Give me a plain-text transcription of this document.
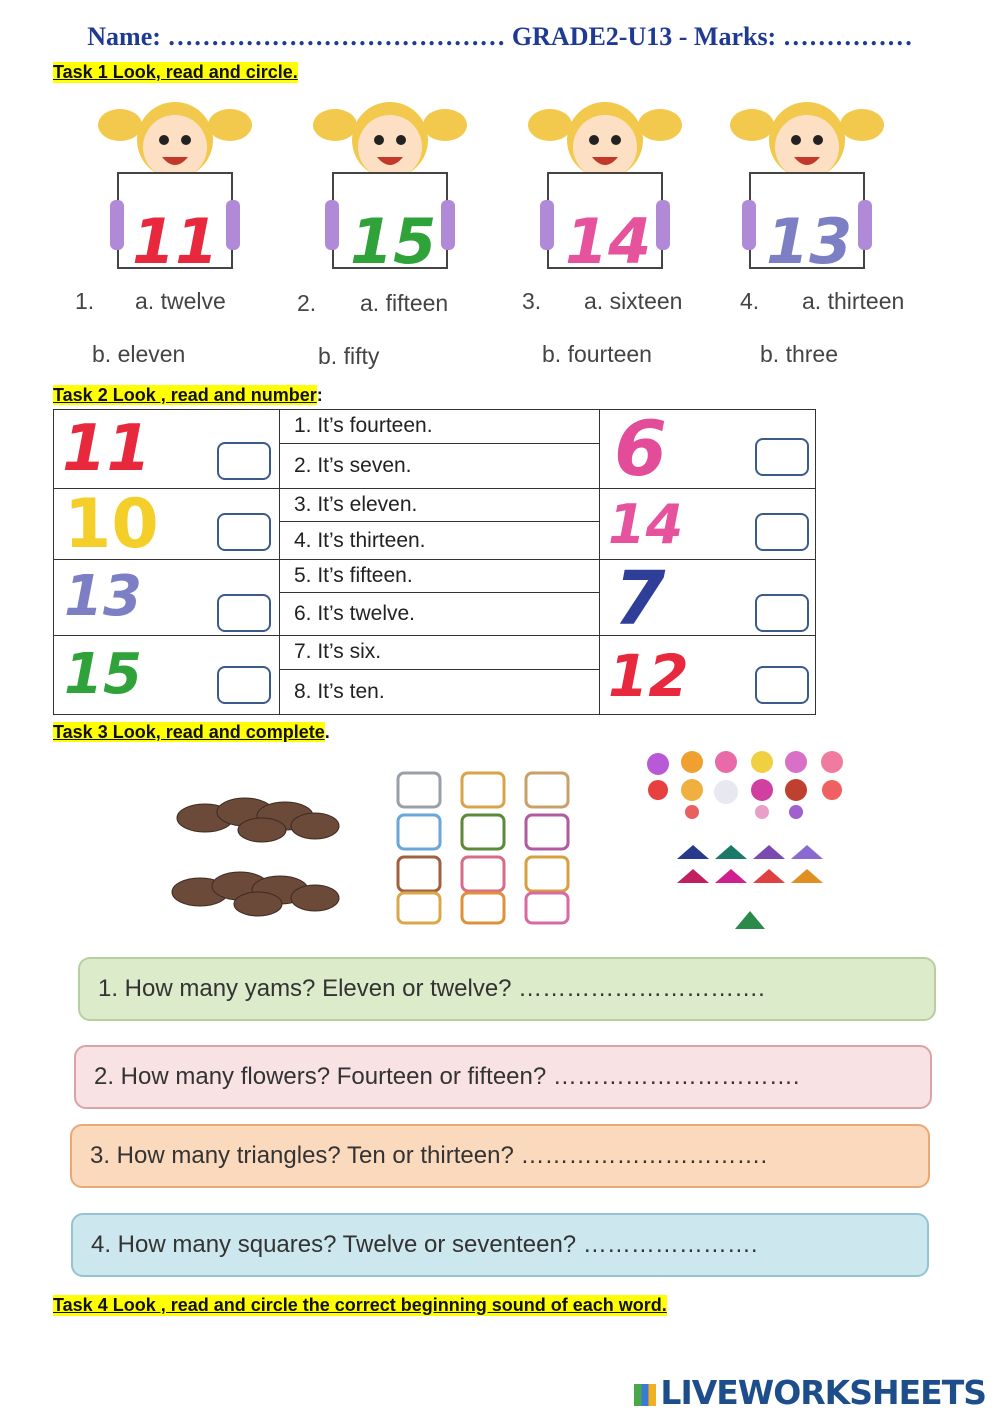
Name: ………………………………… GRADE2-U13 - Marks: ……………
Task 1 Look, read and circle.
11 15 14 13
1. a. twelve
b. eleven
2. a. fifteen
b. fifty
3. a. sixteen
b. fourteen
4. a. thirteen
b. three
Task 2 Look , read and number:
11	1. It’s fourteen.	6

	2. It’s seven.	

10	3. It’s eleven.	14

	4. It’s thirteen.	

13	5. It’s fifteen.	7

	6. It’s twelve.	

15	7. It’s six.	12

	8. It’s ten.	
Task 3 Look, read and complete.
1. How many yams? Eleven or twelve? ………………………….
2. How many flowers? Fourteen or fifteen? ………………………….
3. How many triangles? Ten or thirteen? ………………………….
4. How many squares? Twelve or seventeen? ………………….
Task 4 Look , read and circle the correct beginning sound of each word.
LIVEWORKSHEETS
